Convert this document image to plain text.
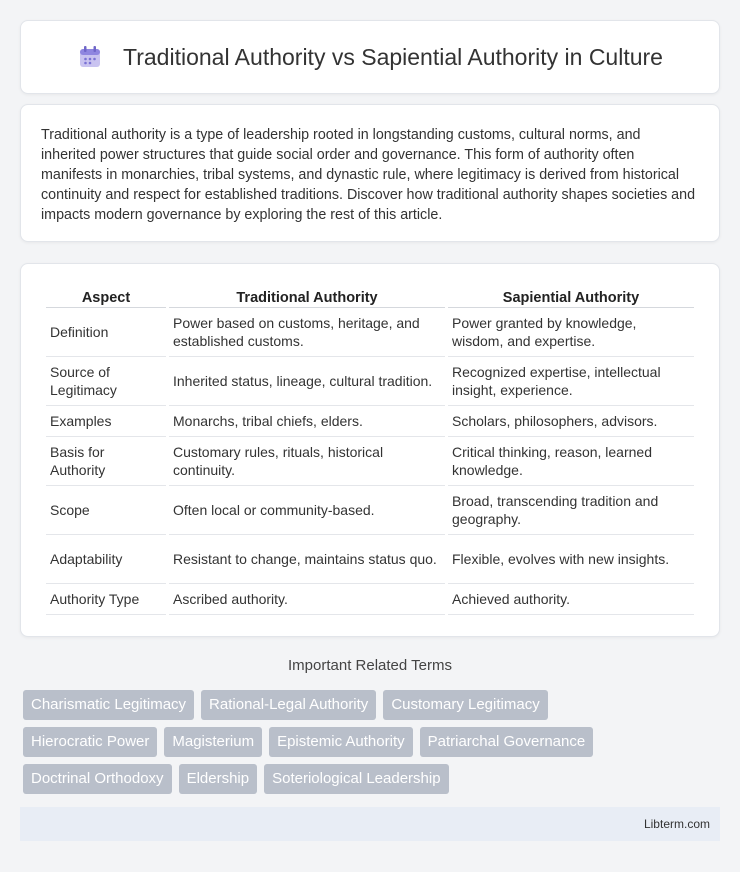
Traditional Authority vs Sapiential Authority in Culture

Traditional authority is a type of leadership rooted in longstanding customs, cultural norms, and inherited power structures that guide social order and governance. This form of authority often manifests in monarchies, tribal systems, and dynastic rule, where legitimacy is derived from historical continuity and respect for established traditions. Discover how traditional authority shapes societies and impacts modern governance by exploring the rest of this article.

Aspect	Traditional Authority	Sapiential Authority
Definition	Power based on customs, heritage, and established customs.	Power granted by knowledge, wisdom, and expertise.
Source of Legitimacy	Inherited status, lineage, cultural tradition.	Recognized expertise, intellectual insight, experience.
Examples	Monarchs, tribal chiefs, elders.	Scholars, philosophers, advisors.
Basis for Authority	Customary rules, rituals, historical continuity.	Critical thinking, reason, learned knowledge.
Scope	Often local or community-based.	Broad, transcending tradition and geography.
Adaptability	Resistant to change, maintains status quo.	Flexible, evolves with new insights.
Authority Type	Ascribed authority.	Achieved authority.
Important Related Terms
Charismatic Legitimacy	Rational-Legal Authority	Customary Legitimacy
Hierocratic Power	Magisterium	Epistemic Authority	Patriarchal Governance
Doctrinal Orthodoxy	Eldership	Soteriological Leadership
Libterm.com
